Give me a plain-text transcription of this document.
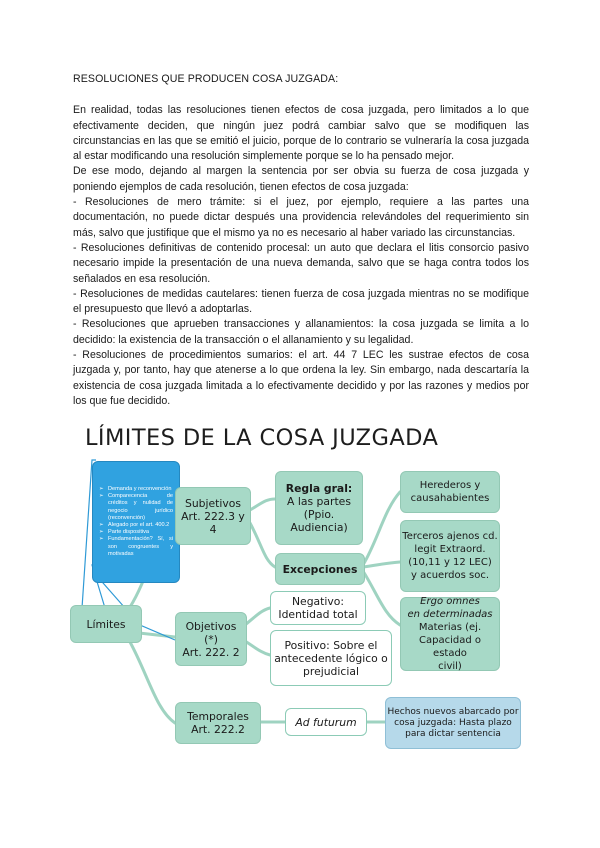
RESOLUCIONES QUE PRODUCEN COSA JUZGADA:

En realidad, todas las resoluciones tienen efectos de cosa juzgada, pero limitados a lo que efectivamente deciden, que ningún juez podrá cambiar salvo que se modifiquen las circunstancias en las que se emitió el juicio, porque de lo contrario se vulneraría la cosa juzgada al estar modificando una resolución simplemente porque se lo ha pensado mejor.

De ese modo, dejando al margen la sentencia por ser obvia su fuerza de cosa juzgada y poniendo ejemplos de cada resolución, tienen efectos de cosa juzgada:

- Resoluciones de mero trámite: si el juez, por ejemplo, requiere a las partes una documentación, no puede dictar después una providencia relevándoles del requerimiento sin más, salvo que justifique que el mismo ya no es necesario al haber variado las circunstancias.

- Resoluciones definitivas de contenido procesal: un auto que declara el litis consorcio pasivo necesario impide la presentación de una nueva demanda, salvo que se haga contra todos los señalados en esa resolución.

- Resoluciones de medidas cautelares: tienen fuerza de cosa juzgada mientras no se modifique el presupuesto que llevó a adoptarlas.

- Resoluciones que aprueben transacciones y allanamientos: la cosa juzgada se limita a lo decidido: la existencia de la transacción o el allanamiento y su legalidad.

- Resoluciones de procedimientos sumarios: el art. 44 7 LEC les sustrae efectos de cosa juzgada y, por tanto, hay que atenerse a lo que ordena la ley. Sin embargo, nada descartaría la existencia de cosa juzgada limitada a lo efectivamente decidido y por las razones y medios por los que fue decidido.

LÍMITES DE LA COSA JUZGADA
➢ Demanda y reconvención
➢ Comparecencia de créditos y nulidad de negocio jurídico (reconvención)
➢ Alegado por el art. 400.2
➢ Parte dispositiva
➢ Fundamentación? Sí, si son congruentes y motivadas
Límites
Subjetivos
Art. 222.3 y
4
Objetivos
(*)
Art. 222. 2
Temporales
Art. 222.2
Regla gral:
A las partes
(Ppio.
Audiencia)
Excepciones
Herederos y
causahabientes
Terceros ajenos cd.
legit Extraord.
(10,11 y 12 LEC)
y acuerdos soc.
Ergo omnes
en determinadas
Materias (ej.
Capacidad o estado
civil)
Negativo:
Identidad total
Positivo: Sobre el
antecedente lógico o
prejudicial
Ad futurum
Hechos nuevos abarcado por
cosa juzgada: Hasta plazo
para dictar sentencia
